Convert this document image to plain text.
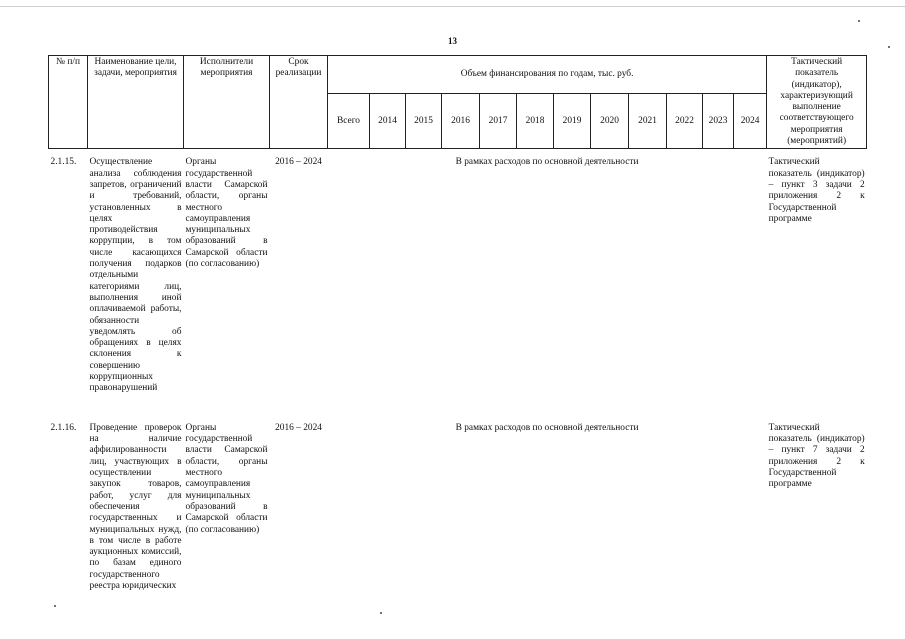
13
№ п/п	Наименование цели, задачи, мероприятия	Исполнители мероприятия	Срок реализации	Объем финансирования по годам, тыс. руб.												Тактический показатель (индикатор), характеризующий выполнение соответствующего мероприятия (мероприятий)
				Всего	2014	2015	2016	2017	2018	2019	2020	2021	2022	2023	2024	
2.1.15.	Осуществление анализа соблюдения запретов, ограничений и требований, установленных в целях противодействия коррупции, в том числе касающихся получения подарков отдельными категориями лиц, выполнения иной оплачиваемой работы, обязанности уведомлять об обращениях в целях склонения к совершению коррупционных правонарушений	Органы государственной власти Самарской области, органы местного самоуправления муниципальных образований в Самарской области (по согласованию)	2016 – 2024	В рамках расходов по основной деятельности												Тактический показатель (индикатор) – пункт 3 задачи 2 приложения 2 к Государственной программе
2.1.16.	Проведение проверок на наличие аффилированности лиц, участвующих в осуществлении закупок товаров, работ, услуг для обеспечения государственных и муниципальных нужд, в том числе в работе аукционных комиссий, по базам единого государственного реестра юридических	Органы государственной власти Самарской области, органы местного самоуправления муниципальных образований в Самарской области (по согласованию)	2016 – 2024	В рамках расходов по основной деятельности												Тактический показатель (индикатор) – пункт 7 задачи 2 приложения 2 к Государственной программе
